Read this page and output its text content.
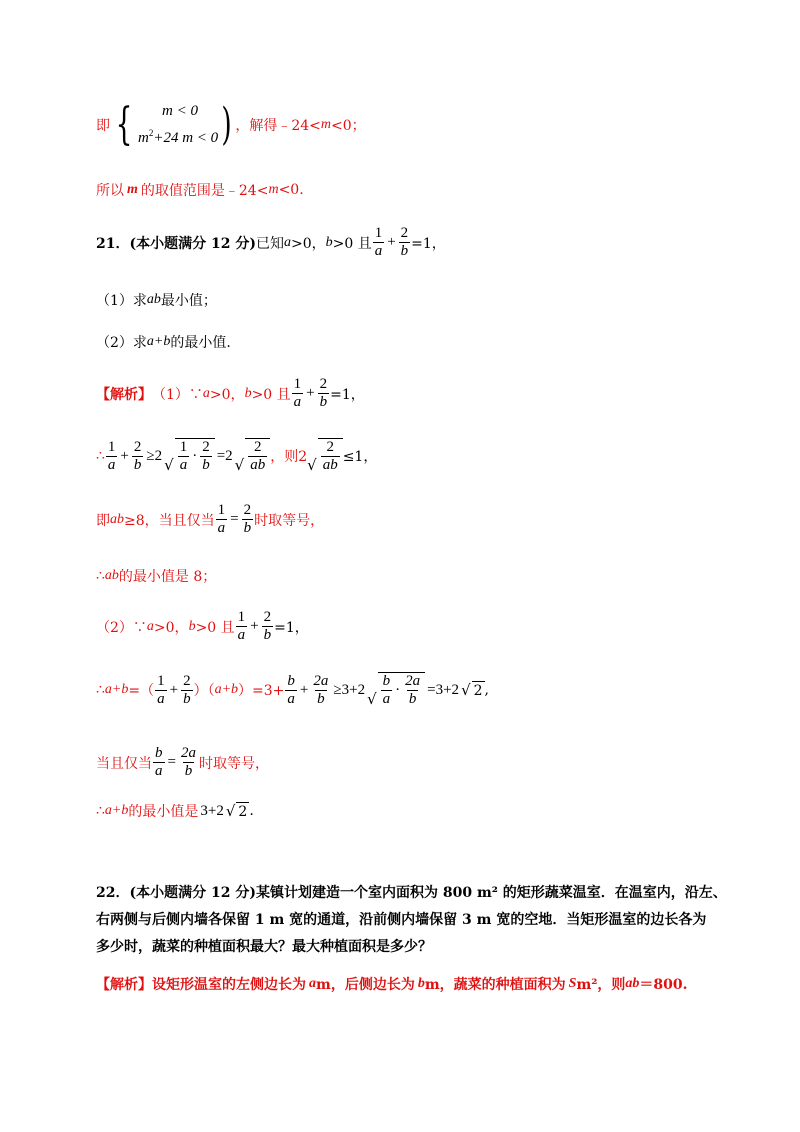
即 {	m < 0
$m^2+24$ m < 0 ) ，解得﹣24< m <0；
所以 m 的取值范围是﹣24< m <0.
21． (本小题满分 12 分) 已知 a >0， b >0 且 $\frac{1}{a} + \frac{2}{b} =1$，
（1）求 ab 最小值；
（2）求 a+b 的最小值.
【解析】 （1）∵ a >0， b >0 且 $\frac{1}{a} + \frac{2}{b} =1$，
∴ $\frac{1}{a} + \frac{2}{b} \ge 2$
√ $\frac{1}{a} \cdot \frac{2}{b} =2$
√ $\frac{2}{ab}$ ，则2 √ $\frac{2}{ab} \le 1$，
即 ab ≥8，当且仅当 $\frac{1}{a} = \frac{2}{b}$ 时取等号，
∴ ab 的最小值是 8；
（2）∵ a >0， b >0 且 $\frac{1}{a} + \frac{2}{b} =1$，
∴ a+b =（ $\frac{1}{a} + \frac{2}{b}$ ）（ a+b ）$=3+ \frac{b}{a} + \frac{2a}{b} \ge 3+2$
√ $\frac{b}{a} \cdot \frac{2a}{b} =3+2$ √ 2 ,
当且仅当 $\frac{b}{a} = \frac{2a}{b}$ 时取等号，
∴ a+b 的最小值是 3+2 √ 2 .
22． (本小题满分 12 分) 某镇计划建造一个室内面积为 800 m² 的矩形蔬菜温室．在温室内，沿左、
右两侧与后侧内墙各保留 1 m 宽的通道，沿前侧内墙保留 3 m 宽的空地．当矩形温室的边长各为
多少时，蔬菜的种植面积最大？最大种植面积是多少？
【解析】 设矩形温室的左侧边长为 a m，后侧边长为 b m，蔬菜的种植面积为 S m²，则 ab ＝800.
